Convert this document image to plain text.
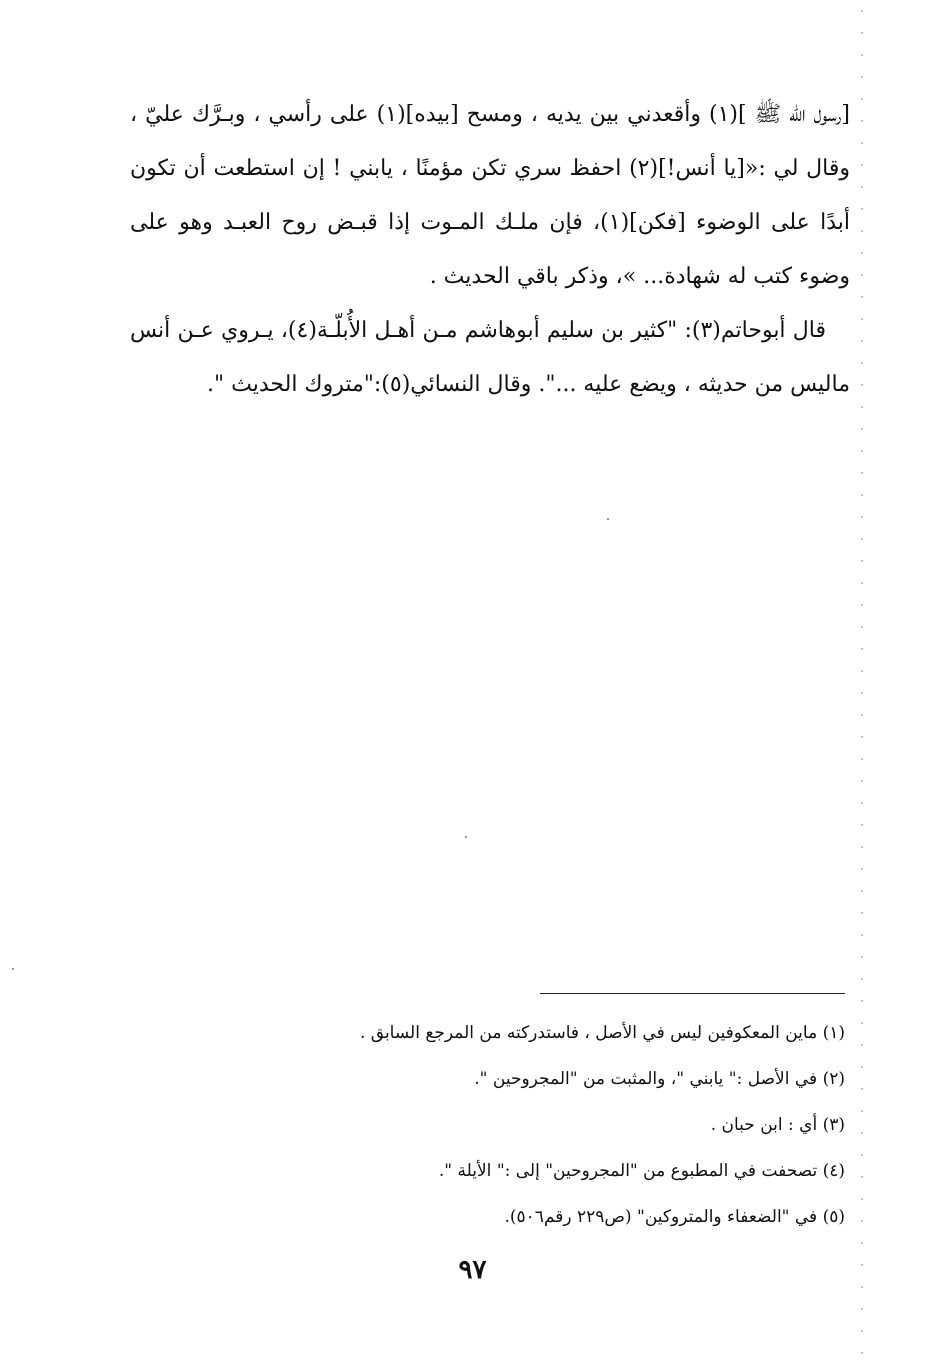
[رسول الله ﷺ ](١) وأقعدني بين يديه ، ومسح [بيده](١) على رأسي ، وبـرَّك عليّ ، وقال لي :«[يا أنس!](٢) احفظ سري تكن مؤمنًا ، يابني ! إن استطعت أن تكون أبدًا على الوضوء [فكن](١)، فإن ملـك المـوت إذا قبـض روح العبـد وهو على وضوء كتب له شهادة... »، وذكر باقي الحديث .

قال أبوحاتم(٣): "كثير بن سليم أبوهاشم مـن أهـل الأُبلّـة(٤)، يـروي عـن أنس ماليس من حديثه ، ويضع عليه ...". وقال النسائي(٥):"متروك الحديث ".

(١) ماين المعكوفين ليس في الأصل ، فاستدركته من المرجع السابق .

(٢) في الأصل :" يابني "، والمثبت من "المجروحين ".

(٣) أي : ابن حبان .

(٤) تصحفت في المطبوع من "المجروحين" إلى :" الأيلة ".

(٥) في "الضعفاء والمتروكين" (ص٢٢٩ رقم٥٠٦).

٩٧
